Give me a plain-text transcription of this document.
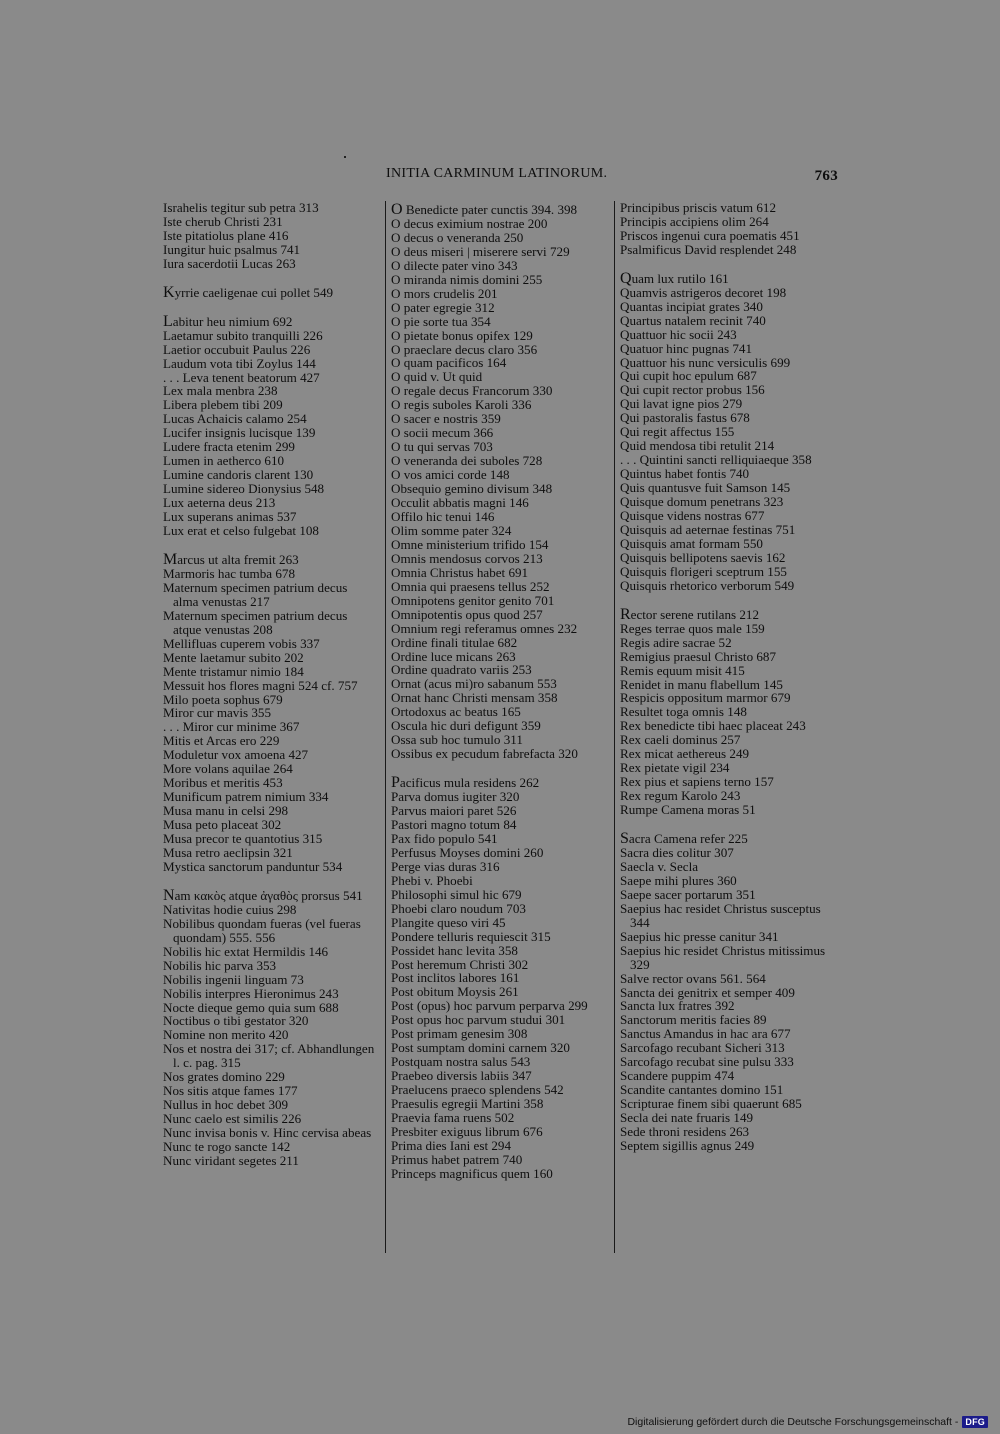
INITIA CARMINUM LATINORUM.	763

Israhelis tegitur sub petra 313

Iste cherub Christi 231

Iste pitatiolus plane 416

Iungitur huic psalmus 741

Iura sacerdotii Lucas 263

Kyrrie caeligenae cui pollet 549

Labitur heu nimium 692

Laetamur subito tranquilli 226

Laetior occubuit Paulus 226

Laudum vota tibi Zoylus 144

. . . Leva tenent beatorum 427

Lex mala menbra 238

Libera plebem tibi 209

Lucas Achaicis calamo 254

Lucifer insignis lucisque 139

Ludere fracta etenim 299

Lumen in aetherco 610

Lumine candoris clarent 130

Lumine sidereo Dionysius 548

Lux aeterna deus 213

Lux superans animas 537

Lux erat et celso fulgebat 108

Marcus ut alta fremit 263

Marmoris hac tumba 678

Maternum specimen patrium decus alma venustas 217

Maternum specimen patrium decus atque venustas 208

Mellifluas cuperem vobis 337

Mente laetamur subito 202

Mente tristamur nimio 184

Messuit hos flores magni 524 cf. 757

Milo poeta sophus 679

Miror cur mavis 355

. . . Miror cur minime 367

Mitis et Arcas ero 229

Moduletur vox amoena 427

More volans aquilae 264

Moribus et meritis 453

Munificum patrem nimium 334

Musa manu in celsi 298

Musa peto placeat 302

Musa precor te quantotius 315

Musa retro aeclipsin 321

Mystica sanctorum panduntur 534

Nam κακὸς atque ἀγαθὸς prorsus 541

Nativitas hodie cuius 298

Nobilibus quondam fueras (vel fueras quondam) 555. 556

Nobilis hic extat Hermildis 146

Nobilis hic parva 353

Nobilis ingenii linguam 73

Nobilis interpres Hieronimus 243

Nocte dieque gemo quia sum 688

Noctibus o tibi gestator 320

Nomine non merito 420

Nos et nostra dei 317; cf. Abhandlungen l. c. pag. 315

Nos grates domino 229

Nos sitis atque fames 177

Nullus in hoc debet 309

Nunc caelo est similis 226

Nunc invisa bonis v. Hinc cervisa abeas

Nunc te rogo sancte 142

Nunc viridant segetes 211

O Benedicte pater cunctis 394. 398

O decus eximium nostrae 200

O decus o veneranda 250

O deus miseri | miserere servi 729

O dilecte pater vino 343

O miranda nimis domini 255

O mors crudelis 201

O pater egregie 312

O pie sorte tua 354

O pietate bonus opifex 129

O praeclare decus claro 356

O quam pacificos 164

O quid v. Ut quid

O regale decus Francorum 330

O regis suboles Karoli 336

O sacer e nostris 359

O socii mecum 366

O tu qui servas 703

O veneranda dei suboles 728

O vos amici corde 148

Obsequio gemino divisum 348

Occulit abbatis magni 146

Offilo hic tenui 146

Olim somme pater 324

Omne ministerium trifido 154

Omnis mendosus corvos 213

Omnia Christus habet 691

Omnia qui praesens tellus 252

Omnipotens genitor genito 701

Omnipotentis opus quod 257

Omnium regi referamus omnes 232

Ordine finali titulae 682

Ordine luce micans 263

Ordine quadrato variis 253

Ornat (acus mi)ro sabanum 553

Ornat hanc Christi mensam 358

Ortodoxus ac beatus 165

Oscula hic duri defigunt 359

Ossa sub hoc tumulo 311

Ossibus ex pecudum fabrefacta 320

Pacificus mula residens 262

Parva domus iugiter 320

Parvus maiori paret 526

Pastori magno totum 84

Pax fido populo 541

Perfusus Moyses domini 260

Perge vias duras 316

Phebi v. Phoebi

Philosophi simul hic 679

Phoebi claro noudum 703

Plangite queso viri 45

Pondere telluris requiescit 315

Possidet hanc levita 358

Post heremum Christi 302

Post inclitos labores 161

Post obitum Moysis 261

Post (opus) hoc parvum perparva 299

Post opus hoc parvum studui 301

Post primam genesim 308

Post sumptam domini carnem 320

Postquam nostra salus 543

Praebeo diversis labiis 347

Praelucens praeco splendens 542

Praesulis egregii Martini 358

Praevia fama ruens 502

Presbiter exiguus librum 676

Prima dies Iani est 294

Primus habet patrem 740

Princeps magnificus quem 160

Principibus priscis vatum 612

Principis accipiens olim 264

Priscos ingenui cura poematis 451

Psalmificus David resplendet 248

Quam lux rutilo 161

Quamvis astrigeros decoret 198

Quantas incipiat grates 340

Quartus natalem recinit 740

Quattuor hic socii 243

Quatuor hinc pugnas 741

Quattuor his nunc versiculis 699

Qui cupit hoc epulum 687

Qui cupit rector probus 156

Qui lavat igne pios 279

Qui pastoralis fastus 678

Qui regit affectus 155

Quid mendosa tibi retulit 214

. . . Quintini sancti relliquiaeque 358

Quintus habet fontis 740

Quis quantusve fuit Samson 145

Quisque domum penetrans 323

Quisque videns nostras 677

Quisquis ad aeternae festinas 751

Quisquis amat formam 550

Quisquis bellipotens saevis 162

Quisquis florigeri sceptrum 155

Quisquis rhetorico verborum 549

Rector serene rutilans 212

Reges terrae quos male 159

Regis adire sacrae 52

Remigius praesul Christo 687

Remis equum misit 415

Renidet in manu flabellum 145

Respicis oppositum marmor 679

Resultet toga omnis 148

Rex benedicte tibi haec placeat 243

Rex caeli dominus 257

Rex micat aethereus 249

Rex pietate vigil 234

Rex pius et sapiens terno 157

Rex regum Karolo 243

Rumpe Camena moras 51

Sacra Camena refer 225

Sacra dies colitur 307

Saecla v. Secla

Saepe mihi plures 360

Saepe sacer portarum 351

Saepius hac residet Christus susceptus 344

Saepius hic presse canitur 341

Saepius hic residet Christus mitissimus 329

Salve rector ovans 561. 564

Sancta dei genitrix et semper 409

Sancta lux fratres 392

Sanctorum meritis facies 89

Sanctus Amandus in hac ara 677

Sarcofago recubant Sicheri 313

Sarcofago recubat sine pulsu 333

Scandere puppim 474

Scandite cantantes domino 151

Scripturae finem sibi quaerunt 685

Secla dei nate fruaris 149

Sede throni residens 263

Septem sigillis agnus 249

Digitalisierung gefördert durch die Deutsche Forschungsgemeinschaft - DFG
